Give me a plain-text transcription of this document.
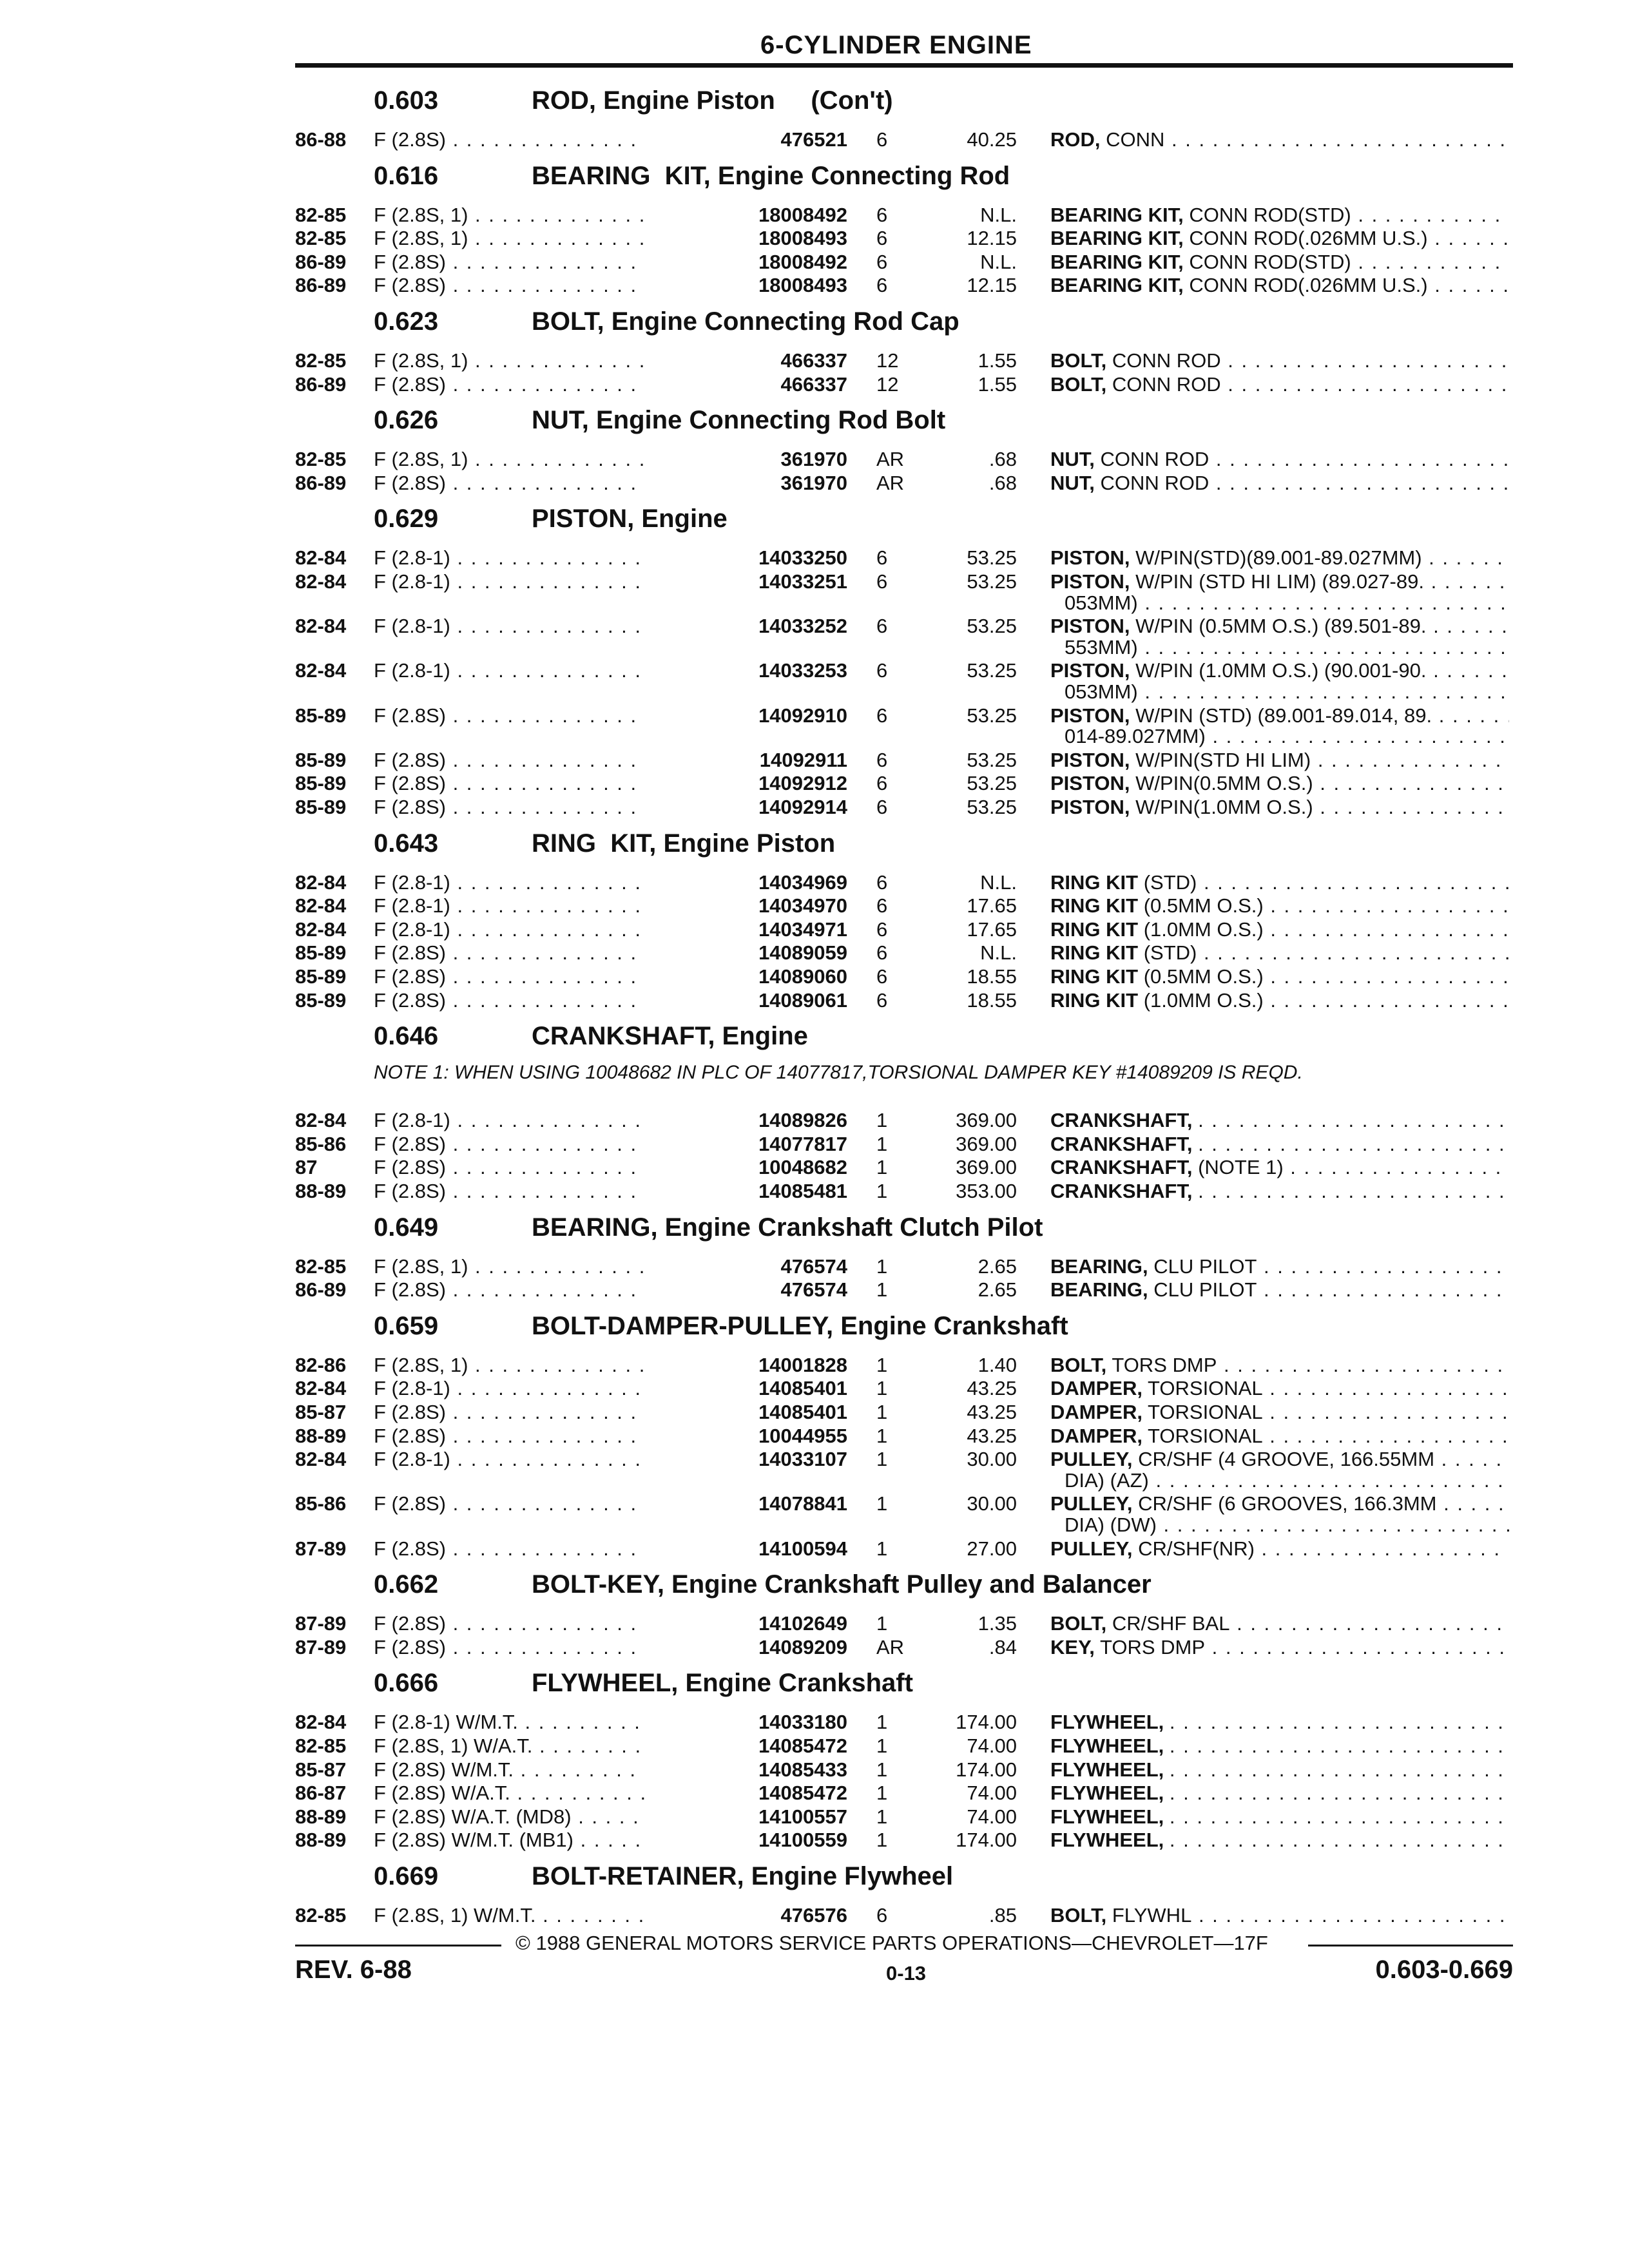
6-CYLINDER ENGINE
0.603	ROD, Engine Piston     (Con't)
86-88 F (2.8S) . . .	476521 6	40.25 ROD, CONN . . .
0.616	BEARING  KIT, Engine Connecting Rod
82-85 F (2.8S, 1) . . .	18008492 6	N.L. BEARING KIT, CONN ROD(STD) . . .
82-85 F (2.8S, 1) . . .	18008493 6	12.15 BEARING KIT, CONN ROD(.026MM U.S.) . . .
86-89 F (2.8S) . . .	18008492 6	N.L. BEARING KIT, CONN ROD(STD) . . .
86-89 F (2.8S) . . .	18008493 6	12.15 BEARING KIT, CONN ROD(.026MM U.S.) . . .
0.623	BOLT, Engine Connecting Rod Cap
82-85 F (2.8S, 1) . . .	466337 12	1.55 BOLT, CONN ROD . . .
86-89 F (2.8S) . . .	466337 12	1.55 BOLT, CONN ROD . . .
0.626	NUT, Engine Connecting Rod Bolt
82-85 F (2.8S, 1) . . .	361970 AR	.68 NUT, CONN ROD . . .
86-89 F (2.8S) . . .	361970 AR	.68 NUT, CONN ROD . . .
0.629	PISTON, Engine
82-84 F (2.8-1) . . .	14033250 6	53.25 PISTON, W/PIN(STD)(89.001-89.027MM) . . .
82-84 F (2.8-1) . . .	14033251 6	53.25 PISTON, W/PIN (STD HI LIM) (89.027-89. . . .
053MM) . . .
82-84 F (2.8-1) . . .	14033252 6	53.25 PISTON, W/PIN (0.5MM O.S.) (89.501-89. . . .
553MM) . . .
82-84 F (2.8-1) . . .	14033253 6	53.25 PISTON, W/PIN (1.0MM O.S.) (90.001-90. . . .
053MM) . . .
85-89 F (2.8S) . . .	14092910 6	53.25 PISTON, W/PIN (STD) (89.001-89.014, 89. . . .
014-89.027MM) . . .
85-89 F (2.8S) . . .	14092911 6	53.25 PISTON, W/PIN(STD HI LIM) . . .
85-89 F (2.8S) . . .	14092912 6	53.25 PISTON, W/PIN(0.5MM O.S.) . . .
85-89 F (2.8S) . . .	14092914 6	53.25 PISTON, W/PIN(1.0MM O.S.) . . .
0.643	RING  KIT, Engine Piston
82-84 F (2.8-1) . . .	14034969 6	N.L. RING KIT (STD) . . .
82-84 F (2.8-1) . . .	14034970 6	17.65 RING KIT (0.5MM O.S.) . . .
82-84 F (2.8-1) . . .	14034971 6	17.65 RING KIT (1.0MM O.S.) . . .
85-89 F (2.8S) . . .	14089059 6	N.L. RING KIT (STD) . . .
85-89 F (2.8S) . . .	14089060 6	18.55 RING KIT (0.5MM O.S.) . . .
85-89 F (2.8S) . . .	14089061 6	18.55 RING KIT (1.0MM O.S.) . . .
0.646	CRANKSHAFT, Engine
NOTE 1: WHEN USING 10048682 IN PLC OF 14077817,TORSIONAL DAMPER KEY #14089209 IS REQD.
82-84 F (2.8-1) . . .	14089826 1	369.00 CRANKSHAFT, . . .
85-86 F (2.8S) . . .	14077817 1	369.00 CRANKSHAFT, . . .
87	F (2.8S) . . .	10048682 1	369.00 CRANKSHAFT, (NOTE 1) . . .
88-89 F (2.8S) . . .	14085481 1	353.00 CRANKSHAFT, . . .
0.649	BEARING, Engine Crankshaft Clutch Pilot
82-85 F (2.8S, 1) . . .	476574 1	2.65 BEARING, CLU PILOT . . .
86-89 F (2.8S) . . .	476574 1	2.65 BEARING, CLU PILOT . . .
0.659	BOLT-DAMPER-PULLEY, Engine Crankshaft
82-86 F (2.8S, 1) . . .	14001828 1	1.40 BOLT, TORS DMP . . .
82-84 F (2.8-1) . . .	14085401 1	43.25 DAMPER, TORSIONAL . . .
85-87 F (2.8S) . . .	14085401 1	43.25 DAMPER, TORSIONAL . . .
88-89 F (2.8S) . . .	10044955 1	43.25 DAMPER, TORSIONAL . . .
82-84 F (2.8-1) . . .	14033107 1	30.00 PULLEY, CR/SHF (4 GROOVE, 166.55MM . . .
DIA) (AZ) . . .
85-86 F (2.8S) . . .	14078841 1	30.00 PULLEY, CR/SHF (6 GROOVES, 166.3MM . . .
DIA) (DW) . . .
87-89 F (2.8S) . . .	14100594 1	27.00 PULLEY, CR/SHF(NR) . . .
0.662	BOLT-KEY, Engine Crankshaft Pulley and Balancer
87-89 F (2.8S) . . .	14102649 1	1.35 BOLT, CR/SHF BAL . . .
87-89 F (2.8S) . . .	14089209 AR	.84 KEY, TORS DMP . . .
0.666	FLYWHEEL, Engine Crankshaft
82-84 F (2.8-1) W/M.T. . . .	14033180 1	174.00 FLYWHEEL, . . .
82-85 F (2.8S, 1) W/A.T. . . .	14085472 1	74.00 FLYWHEEL, . . .
85-87 F (2.8S) W/M.T. . . .	14085433 1	174.00 FLYWHEEL, . . .
86-87 F (2.8S) W/A.T. . . .	14085472 1	74.00 FLYWHEEL, . . .
88-89 F (2.8S) W/A.T. (MD8) . . .	14100557 1	74.00 FLYWHEEL, . . .
88-89 F (2.8S) W/M.T. (MB1) . . .	14100559 1	174.00 FLYWHEEL, . . .
0.669	BOLT-RETAINER, Engine Flywheel
82-85 F (2.8S, 1) W/M.T. . . .	476576 6	.85 BOLT, FLYWHL . . .
© 1988 GENERAL MOTORS SERVICE PARTS OPERATIONS—CHEVROLET—17F
REV. 6-88	0-13	0.603-0.669
